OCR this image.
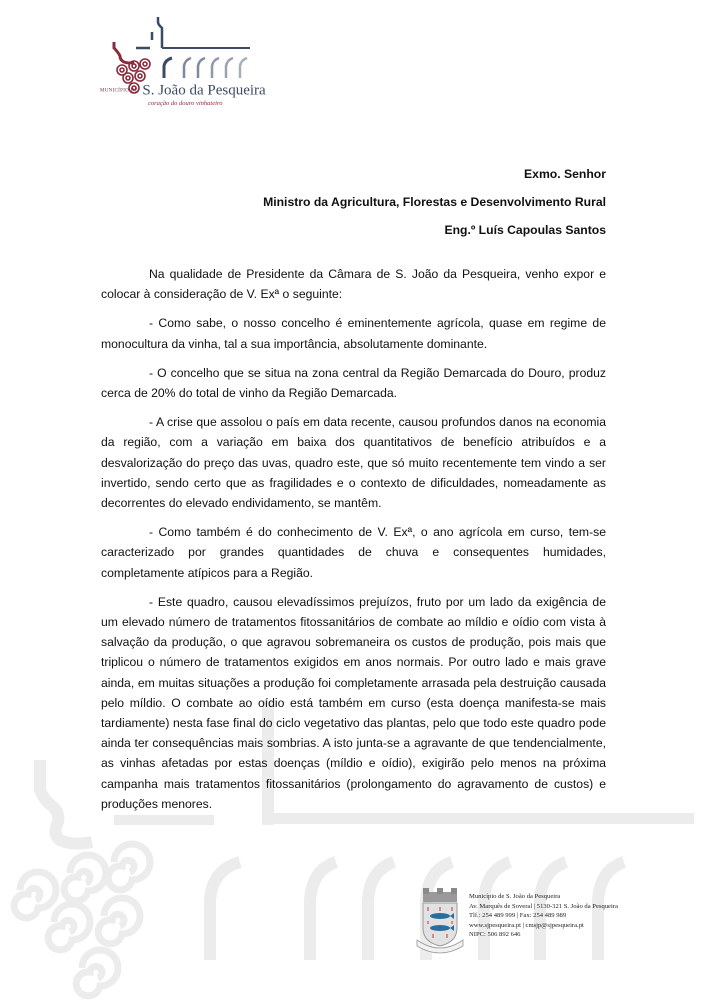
MUNICÍPIO DE S. João da Pesqueira
coração do douro vinhateiro
Exmo. Senhor
Ministro da Agricultura, Florestas e Desenvolvimento Rural
Eng.º Luís Capoulas Santos

Na qualidade de Presidente da Câmara de S. João da Pesqueira, venho expor e colocar à consideração de V. Exª o seguinte:

- Como sabe, o nosso concelho é eminentemente agrícola, quase em regime de monocultura da vinha, tal a sua importância, absolutamente dominante.

- O concelho que se situa na zona central da Região Demarcada do Douro, produz cerca de 20% do total de vinho da Região Demarcada.

- A crise que assolou o país em data recente, causou profundos danos na economia da região, com a variação em baixa dos quantitativos de benefício atribuídos e a desvalorização do preço das uvas, quadro este, que só muito recentemente tem vindo a ser invertido, sendo certo que as fragilidades e o contexto de dificuldades, nomeadamente as decorrentes do elevado endividamento, se mantêm.

- Como também é do conhecimento de V. Exª, o ano agrícola em curso, tem-se caracterizado por grandes quantidades de chuva e consequentes humidades, completamente atípicos para a Região.

- Este quadro, causou elevadíssimos prejuízos, fruto por um lado da exigência de um elevado número de tratamentos fitossanitários de combate ao míldio e oídio com vista à salvação da produção, o que agravou sobremaneira os custos de produção, pois mais que triplicou o número de tratamentos exigidos em anos normais. Por outro lado e mais grave ainda, em muitas situações a produção foi completamente arrasada pela destruição causada pelo míldio. O combate ao oídio está também em curso (esta doença manifesta-se mais tardiamente) nesta fase final do ciclo vegetativo das plantas, pelo que todo este quadro pode ainda ter consequências mais sombrias. A isto junta-se a agravante de que tendencialmente, as vinhas afetadas por estas doenças (míldio e oídio), exigirão pelo menos na próxima campanha mais tratamentos fitossanitários (prolongamento do agravamento de custos) e produções menores.

Município de S. João da Pesqueira
Av. Marquês de Soveral | 5130-321 S. João da Pesqueira
Tlf.: 254 489 999 | Fax: 254 489 989
www.sjpesqueira.pt | cmsjp@sjpesqueira.pt
NIPC: 506 892 646
